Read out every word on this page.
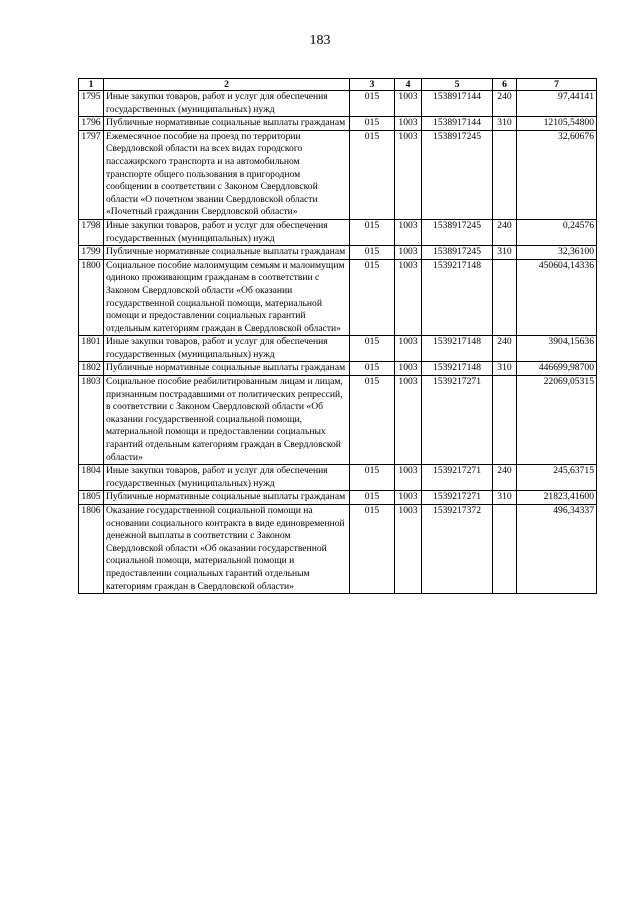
183
1	2	3	4	5	6	7
1795	Иные закупки товаров, работ и услуг для обеспечения государственных (муниципальных) нужд	015	1003	1538917144	240	97,44141
1796	Публичные нормативные социальные выплаты гражданам	015	1003	1538917144	310	12105,54800
1797	Ежемесячное пособие на проезд по территории Свердловской области на всех видах городского пассажирского транспорта и на автомобильном транспорте общего пользования в пригородном сообщении в соответствии с Законом Свердловской области «О почетном звании Свердловской области «Почетный гражданин Свердловской области»	015	1003	1538917245		32,60676
1798	Иные закупки товаров, работ и услуг для обеспечения государственных (муниципальных) нужд	015	1003	1538917245	240	0,24576
1799	Публичные нормативные социальные выплаты гражданам	015	1003	1538917245	310	32,36100
1800	Социальное пособие малоимущим семьям и малоимущим одиноко проживающим гражданам в соответствии с Законом Свердловской области «Об оказании государственной социальной помощи, материальной помощи и предоставлении социальных гарантий отдельным категориям граждан в Свердловской области»	015	1003	1539217148		450604,14336
1801	Иные закупки товаров, работ и услуг для обеспечения государственных (муниципальных) нужд	015	1003	1539217148	240	3904,15636
1802	Публичные нормативные социальные выплаты гражданам	015	1003	1539217148	310	446699,98700
1803	Социальное пособие реабилитированным лицам и лицам, признанным пострадавшими от политических репрессий, в соответствии с Законом Свердловской области «Об оказании государственной социальной помощи, материальной помощи и предоставлении социальных гарантий отдельным категориям граждан в Свердловской области»	015	1003	1539217271		22069,05315
1804	Иные закупки товаров, работ и услуг для обеспечения государственных (муниципальных) нужд	015	1003	1539217271	240	245,63715
1805	Публичные нормативные социальные выплаты гражданам	015	1003	1539217271	310	21823,41600
1806	Оказание государственной социальной помощи на основании социального контракта в виде единовременной денежной выплаты в соответствии с Законом Свердловской области «Об оказании государственной социальной помощи, материальной помощи и предоставлении социальных гарантий отдельным категориям граждан в Свердловской области»	015	1003	1539217372		496,34337
